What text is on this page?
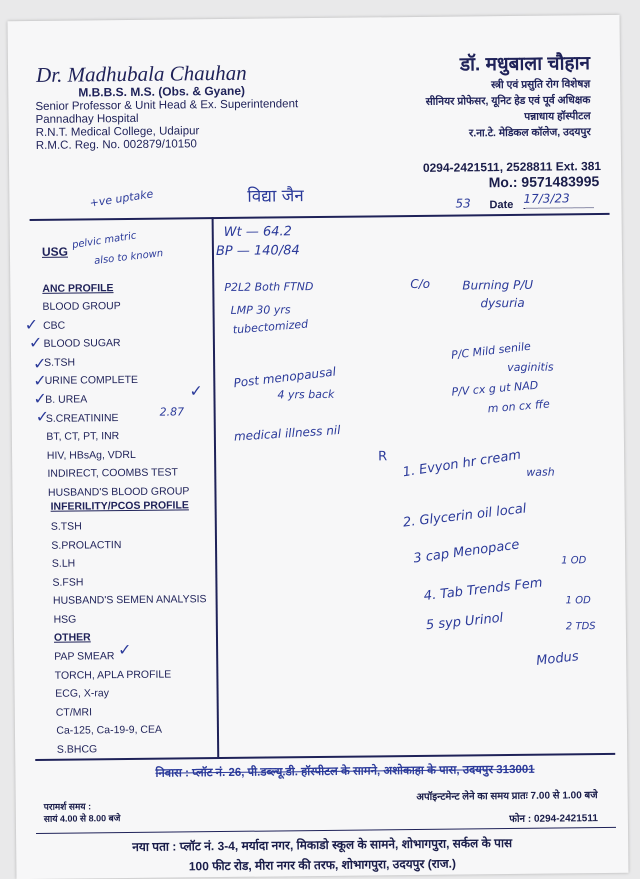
Dr. Madhubala Chauhan
M.B.B.S. M.S. (Obs. & Gyane)
Senior Professor & Unit Head & Ex. Superintendent
Pannadhay Hospital
R.N.T. Medical College, Udaipur
R.M.C. Reg. No. 002879/10150
डॉ. मधुबाला चौहान
स्त्री एवं प्रसुति रोग विशेषज्ञ
सीनियर प्रोफेसर, यूनिट हेड एवं पूर्व अधिक्षक
पन्नाधाय हॉस्पीटल
र.ना.टे. मेडिकल कॉलेज, उदयपुर
0294-2421511, 2528811 Ext. 381
Mo.: 9571483995
Date
विद्या जैन	53	17/3/23
+ve uptake
USG
pelvic matric
also to known
ANC PROFILE
BLOOD GROUP
CBC
BLOOD SUGAR
S.TSH
URINE COMPLETE
B. UREA
S.CREATININE
BT, CT, PT, INR
HIV, HBsAg, VDRL
INDIRECT, COOMBS TEST
HUSBAND'S BLOOD GROUP
INFERILITY/PCOS PROFILE
S.TSH
S.PROLACTIN
S.LH
S.FSH
HUSBAND'S SEMEN ANALYSIS
HSG
OTHER
PAP SMEAR
TORCH, APLA PROFILE
ECG, X-ray
CT/MRI
Ca-125, Ca-19-9, CEA
S.BHCG
✓
✓
✓
✓
✓
✓
✓
✓
2.87
Wt — 64.2
BP — 140/84
P2L2 Both FTND	C/o	Burning P/U
dysuria
LMP 30 yrs
tubectomized
Post menopausal
4 yrs back
P/C Mild senile
vaginitis
P/V cx g ut NAD
m on cx ffe
medical illness nil
R 1. Evyon hr cream wash
2. Glycerin oil local
3 cap Menopace	1 OD
4. Tab Trends Fem 1 OD
5 syp Urinol	2 TDS
Modus
निवास : प्लॉट नं. 26, पी.डब्ल्यू.डी. हॉस्पीटल के सामने, अशोकाहा के पास, उदयपुर 313001
परामर्श समय :
सायं 4.00 से 8.00 बजे
अपॉइन्टमेन्ट लेने का समय प्रातः 7.00 से 1.00 बजे
फोन : 0294-2421511
नया पता : प्लॉट नं. 3-4, मर्यादा नगर, मिकाडो स्कूल के सामने, शोभागपुरा, सर्कल के पास
100 फीट रोड, मीरा नगर की तरफ, शोभागपुरा, उदयपुर (राज.)
